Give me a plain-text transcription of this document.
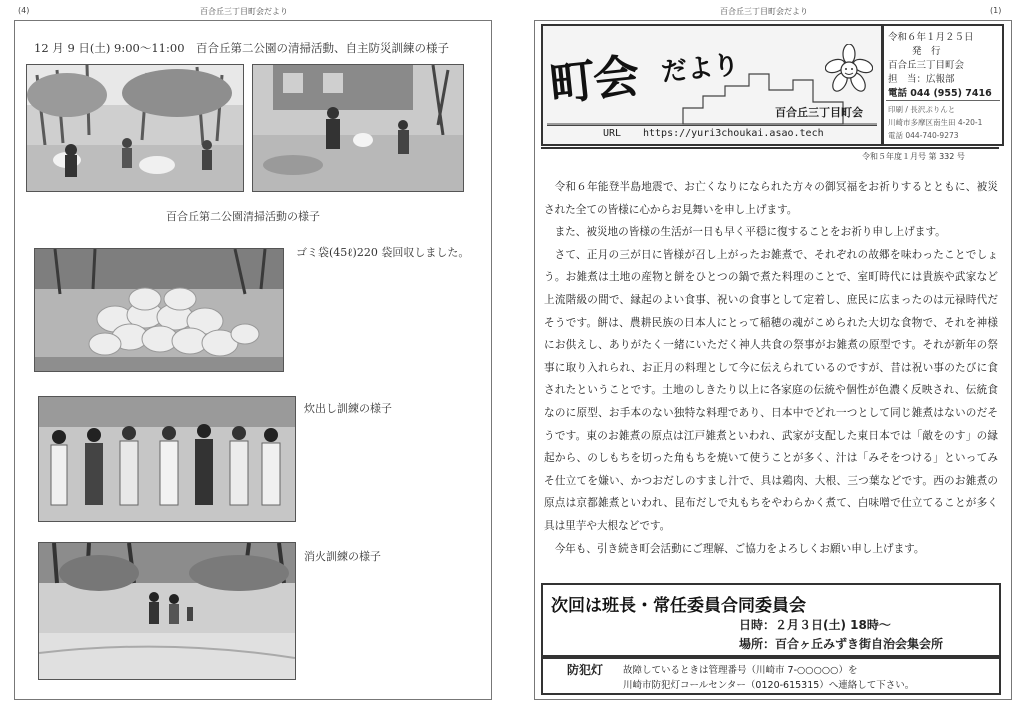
(4)	百合丘三丁目町会だより
12 月 9 日(土) 9:00～11:00　百合丘第二公園の清掃活動、自主防災訓練の様子
百合丘第二公園清掃活動の様子
ゴミ袋(45ℓ)220 袋回収しました。
炊出し訓練の様子
消火訓練の様子
百合丘三丁目町会だより	(1)
町会 だより
百合丘三丁目町会
URL https://yuri3choukai.asao.tech
令和６年１月２５日
発　行
百合丘三丁目町会
担　当：広報部
電話 044 (955) 7416
印刷 / 長沢ぷりんと
川崎市多摩区南生田 4-20-1
電話 044-740-9273
令和５年度１月号 第 332 号

令和６年能登半島地震で、お亡くなりになられた方々の御冥福をお祈りするとともに、被災された全ての皆様に心からお見舞いを申し上げます。

また、被災地の皆様の生活が一日も早く平穏に復することをお祈り申し上げます。

さて、正月の三が日に皆様が召し上がったお雑煮で、それぞれの故郷を味わったことでしょう。お雑煮は土地の産物と餅をひとつの鍋で煮た料理のことで、室町時代には貴族や武家など上流階級の間で、縁起のよい食事、祝いの食事として定着し、庶民に広まったのは元禄時代だそうです。餅は、農耕民族の日本人にとって稲穂の魂がこめられた大切な食物で、それを神様にお供えし、ありがたく一緒にいただく神人共食の祭事がお雑煮の原型です。それが新年の祭事に取り入れられ、お正月の料理として今に伝えられているのですが、昔は祝い事のたびに食されたということです。土地のしきたり以上に各家庭の伝統や個性が色濃く反映され、伝統食なのに原型、お手本のない独特な料理であり、日本中でどれ一つとして同じ雑煮はないのだそうです。東のお雑煮の原点は江戸雑煮といわれ、武家が支配した東日本では「敵をのす」の縁起から、のしもちを切った角もちを焼いて使うことが多く、汁は「みそをつける」といってみそ仕立てを嫌い、かつおだしのすまし汁で、具は鶏肉、大根、三つ葉などです。西のお雑煮の原点は京都雑煮といわれ、昆布だしで丸もちをやわらかく煮て、白味噌で仕立てることが多く具は里芋や大根などです。

今年も、引き続き町会活動にご理解、ご協力をよろしくお願い申し上げます。

次回は班長・常任委員合同委員会
日時：２月３日(土) 18時～
場所：百合ヶ丘みずき街自治会集会所
防犯灯 故障しているときは管理番号（川崎市 7-○○○○○）を
川崎市防犯灯コールセンター（0120-615315）へ連絡して下さい。
